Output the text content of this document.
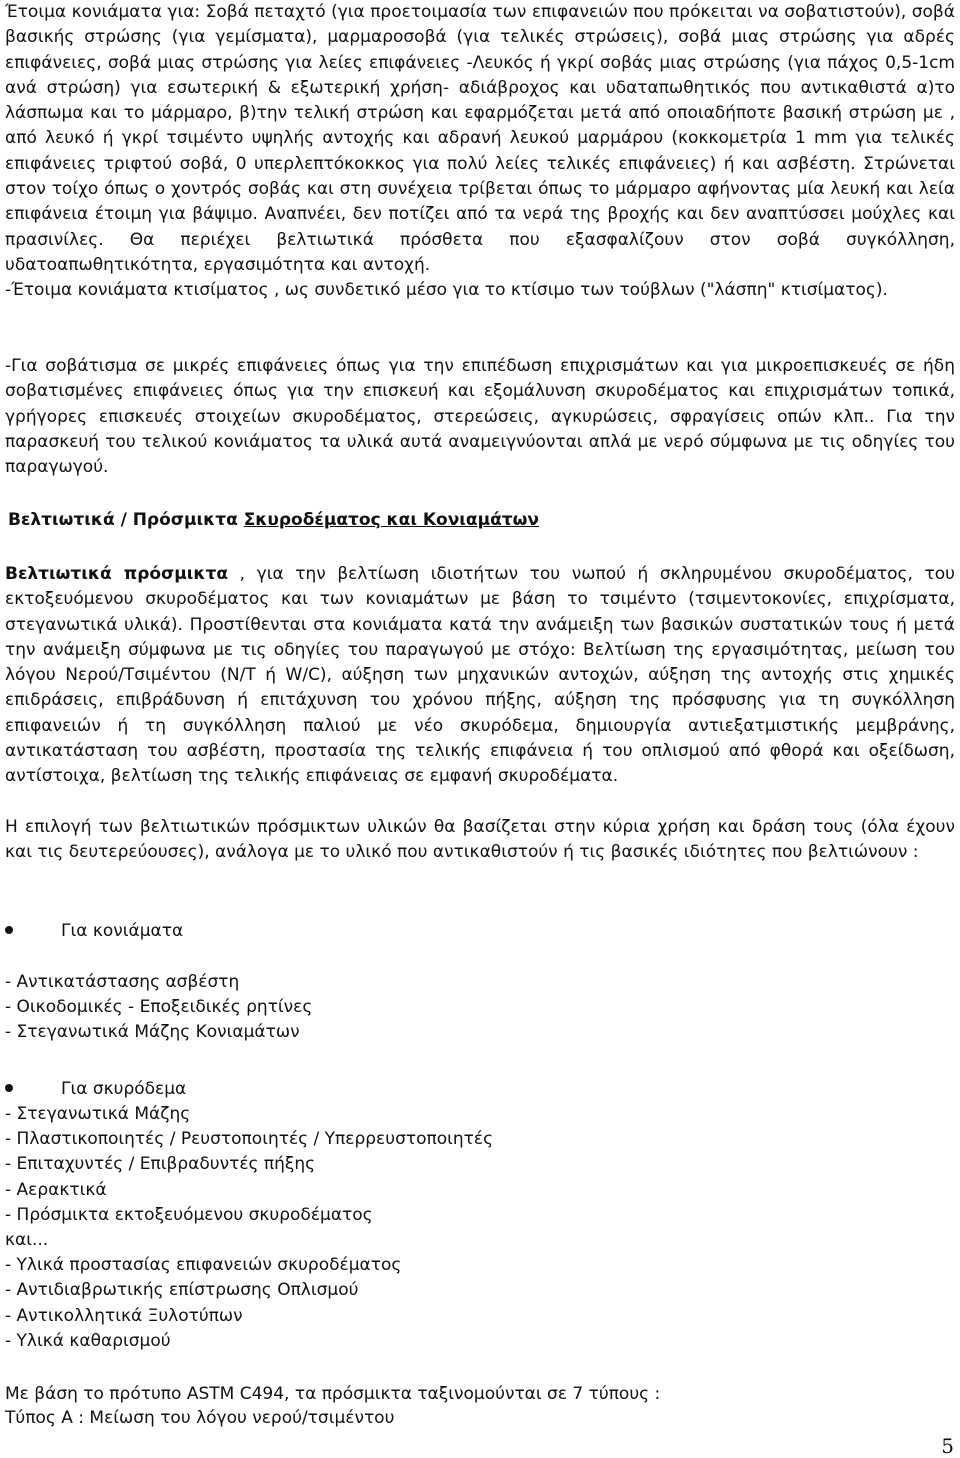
Έτοιμα κονιάματα για: Σοβά πεταχτό (για προετοιμασία των επιφανειών που πρόκειται να σοβατιστούν), σοβά βασικής στρώσης (για γεμίσματα), μαρμαροσοβά (για τελικές στρώσεις), σοβά μιας στρώσης για αδρές επιφάνειες, σοβά μιας στρώσης για λείες επιφάνειες -Λευκός ή γκρί σοβάς μιας στρώσης (για πάχος 0,5-1cm ανά στρώση) για εσωτερική & εξωτερική χρήση- αδιάβροχος και υδαταπωθητικός που αντικαθιστά α)το λάσπωμα και το μάρμαρο, β)την τελική στρώση και εφαρμόζεται μετά από οποιαδήποτε βασική στρώση με , από λευκό ή γκρί τσιμέντο υψηλής αντοχής και αδρανή λευκού μαρμάρου (κοκκομετρία 1 mm για τελικές επιφάνειες τριφτού σοβά, 0 υπερλεπτόκοκκος για πολύ λείες τελικές επιφάνειες) ή και ασβέστη. Στρώνεται στον τοίχο όπως ο χοντρός σοβάς και στη συνέχεια τρίβεται όπως το μάρμαρο αφήνοντας μία λευκή και λεία επιφάνεια έτοιμη για βάψιμο. Αναπνέει, δεν ποτίζει από τα νερά της βροχής και δεν αναπτύσσει μούχλες και πρασινίλες. Θα περιέχει βελτιωτικά πρόσθετα που εξασφαλίζουν στον σοβά συγκόλληση, υδατοαπωθητικότητα, εργασιμότητα και αντοχή.

-Έτοιμα κονιάματα κτισίματος , ως συνδετικό μέσο για το κτίσιμο των τούβλων ("λάσπη" κτισίματος).

-Για σοβάτισμα σε μικρές επιφάνειες όπως για την επιπέδωση επιχρισμάτων και για μικροεπισκευές σε ήδη σοβατισμένες επιφάνειες όπως για την επισκευή και εξομάλυνση σκυροδέματος και επιχρισμάτων τοπικά, γρήγορες επισκευές στοιχείων σκυροδέματος, στερεώσεις, αγκυρώσεις, σφραγίσεις οπών κλπ.. Για την παρασκευή του τελικού κονιάματος τα υλικά αυτά αναμειγνύονται απλά με νερό σύμφωνα με τις οδηγίες του παραγωγού.

Βελτιωτικά / Πρόσμικτα Σκυροδέματος και Κονιαμάτων

Βελτιωτικά πρόσμικτα , για την βελτίωση ιδιοτήτων του νωπού ή σκληρυμένου σκυροδέματος, του εκτοξευόμενου σκυροδέματος και των κονιαμάτων με βάση το τσιμέντο (τσιμεντοκονίες, επιχρίσματα, στεγανωτικά υλικά). Προστίθενται στα κονιάματα κατά την ανάμειξη των βασικών συστατικών τους ή μετά την ανάμειξη σύμφωνα με τις οδηγίες του παραγωγού με στόχο: Βελτίωση της εργασιμότητας, μείωση του λόγου Νερού/Τσιμέντου (Ν/Τ ή W/C), αύξηση των μηχανικών αντοχών, αύξηση της αντοχής στις χημικές επιδράσεις, επιβράδυνση ή επιτάχυνση του χρόνου πήξης, αύξηση της πρόσφυσης για τη συγκόλληση επιφανειών ή τη συγκόλληση παλιού με νέο σκυρόδεμα, δημιουργία αντιεξατμιστικής μεμβράνης, αντικατάσταση του ασβέστη, προστασία της τελικής επιφάνεια ή του οπλισμού από φθορά και οξείδωση, αντίστοιχα, βελτίωση της τελικής επιφάνειας σε εμφανή σκυροδέματα.

Η επιλογή των βελτιωτικών πρόσμικτων υλικών θα βασίζεται στην κύρια χρήση και δράση τους (όλα έχουν και τις δευτερεύουσες), ανάλογα με το υλικό που αντικαθιστούν ή τις βασικές ιδιότητες που βελτιώνουν :

Για κονιάματα

- Αντικατάστασης ασβέστη
- Οικοδομικές - Εποξειδικές ρητίνες
- Στεγανωτικά Μάζης Κονιαμάτων

Για σκυρόδεμα

- Στεγανωτικά Μάζης
- Πλαστικοποιητές / Ρευστοποιητές / Υπερρευστοποιητές
- Επιταχυντές / Επιβραδυντές πήξης
- Αερακτικά
- Πρόσμικτα εκτοξευόμενου σκυροδέματος
και...
- Υλικά προστασίας επιφανειών σκυροδέματος
- Αντιδιαβρωτικής επίστρωσης Οπλισμού
- Αντικολλητικά Ξυλοτύπων
- Υλικά καθαρισμού

Με βάση το πρότυπο ASTM C494, τα πρόσμικτα ταξινομούνται σε 7 τύπους :

Τύπος Α : Μείωση του λόγου νερού/τσιμέντου

5
